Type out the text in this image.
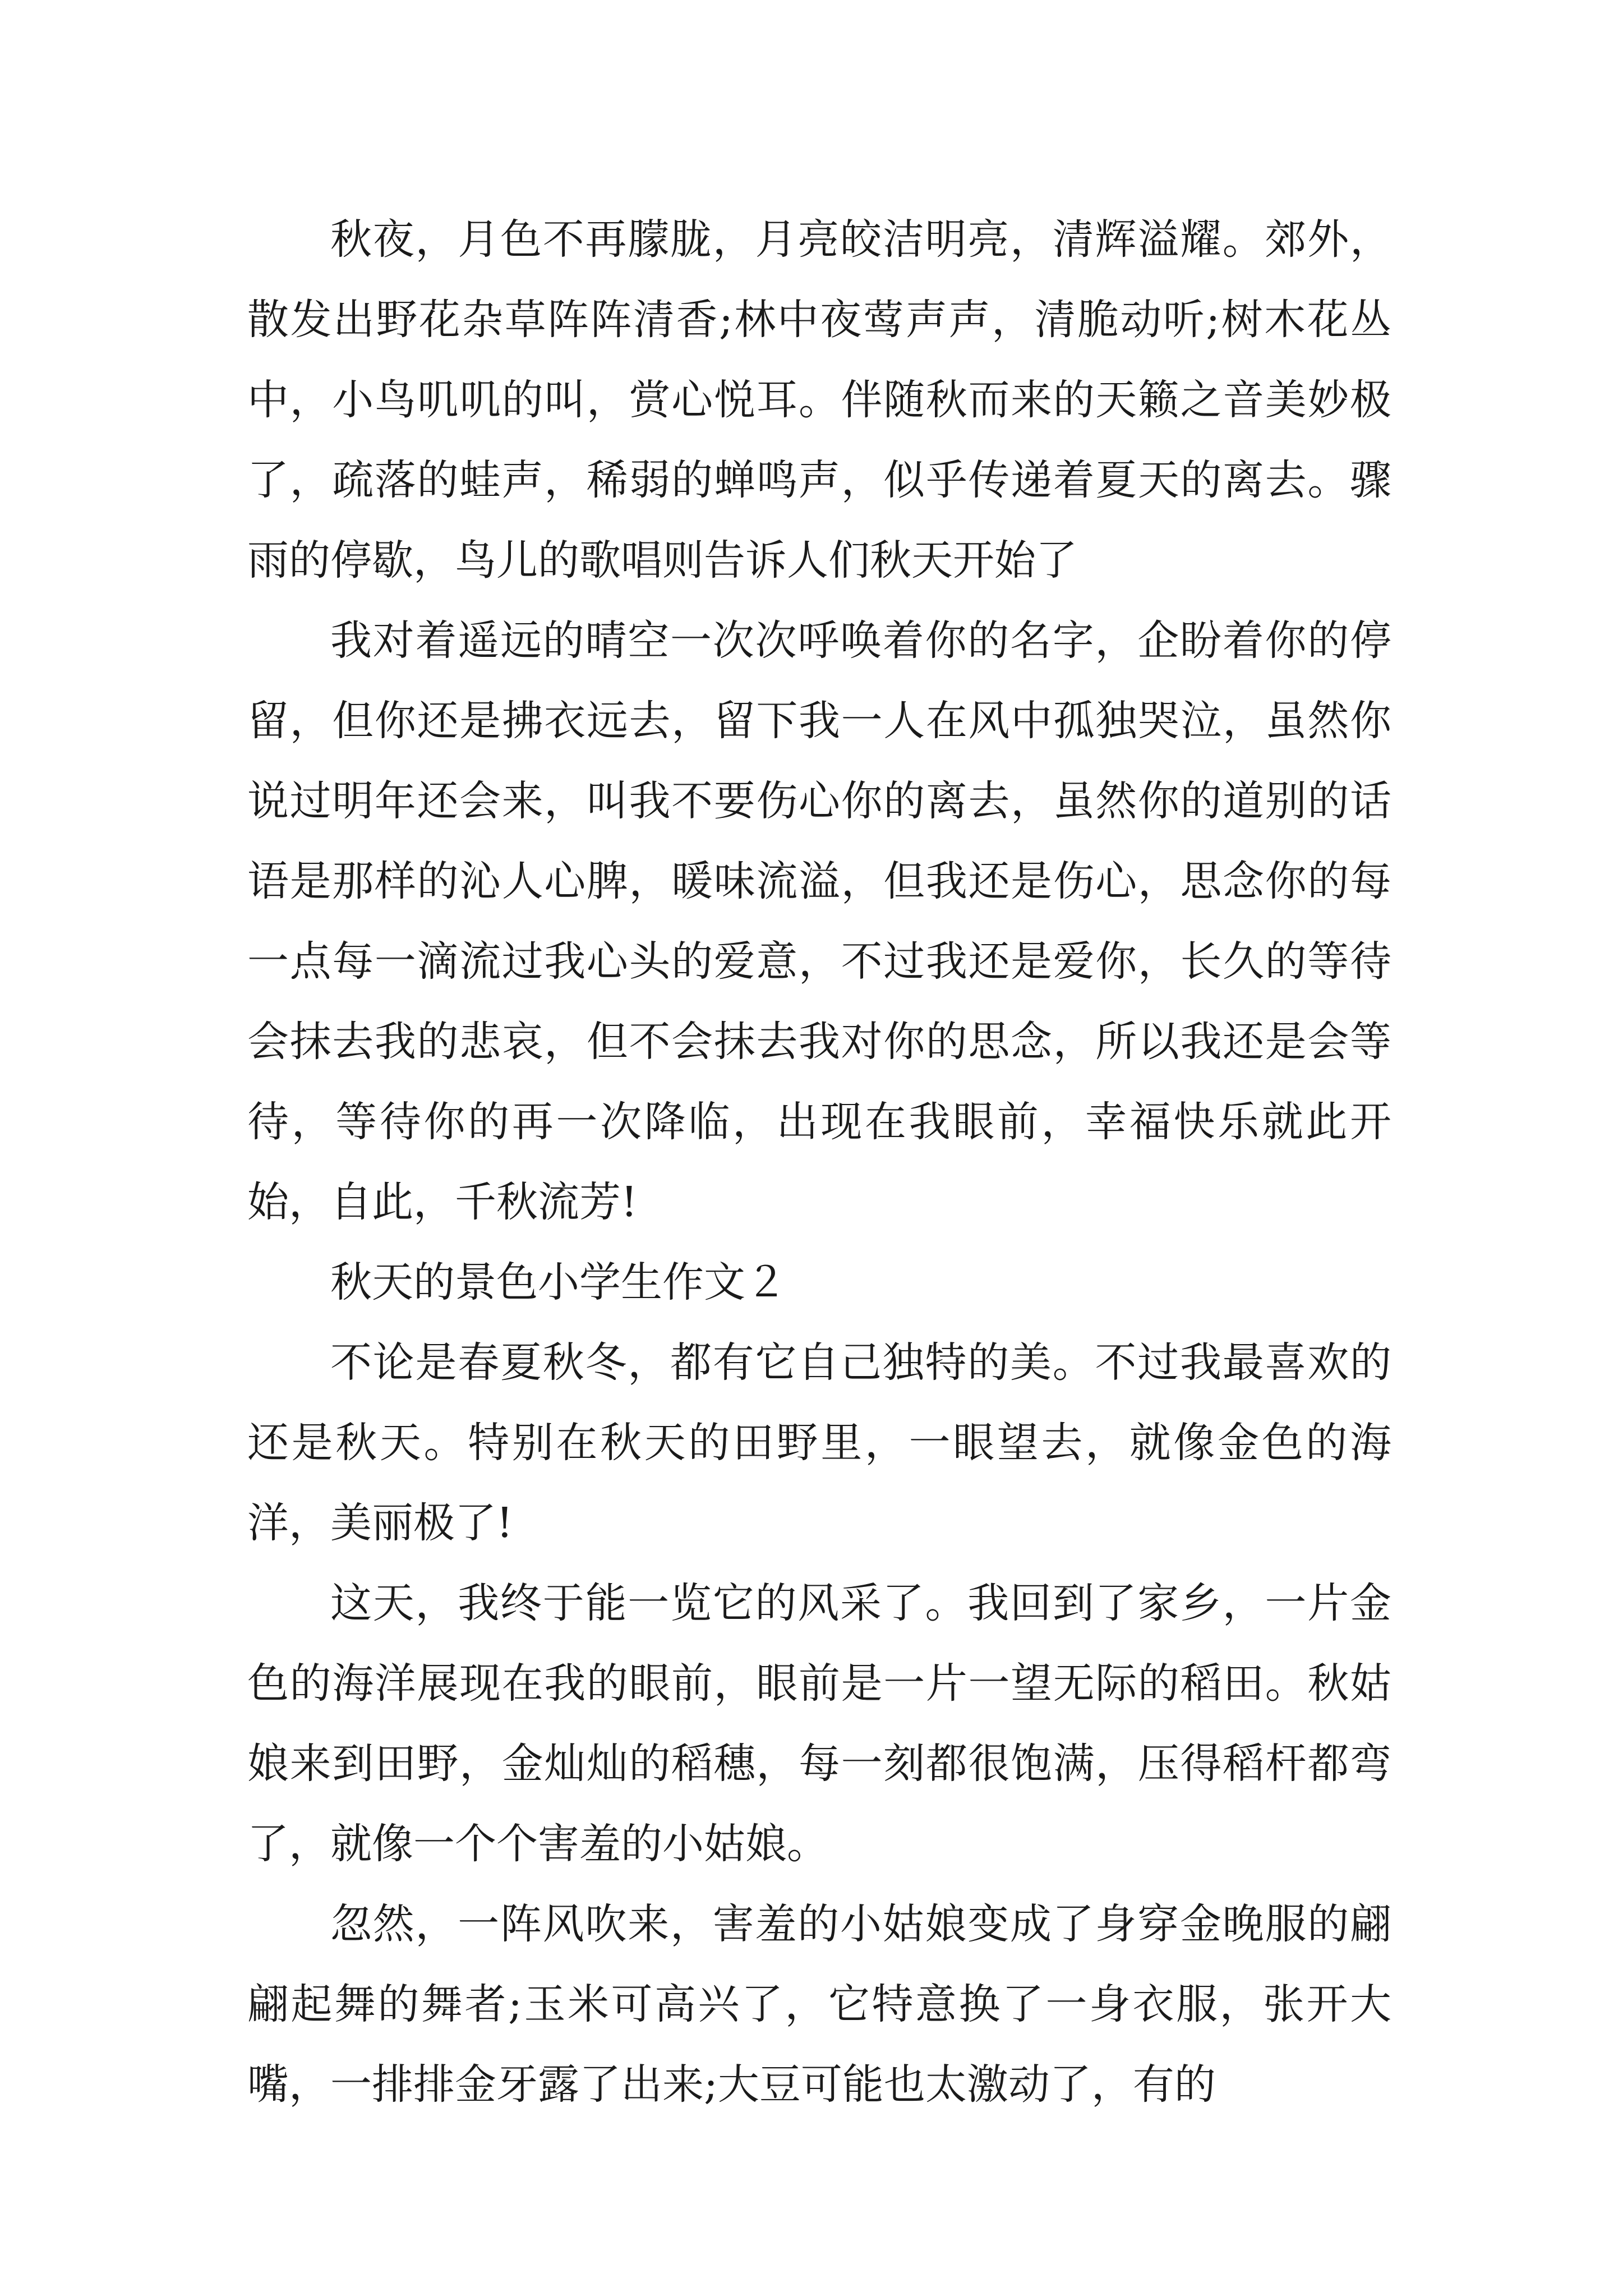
秋夜，月色不再朦胧，月亮皎洁明亮，清辉溢耀。郊外，散发出野花杂草阵阵清香;林中夜莺声声，清脆动听;树木花丛中，小鸟叽叽的叫，赏心悦耳。伴随秋而来的天籁之音美妙极了，疏落的蛙声，稀弱的蝉鸣声，似乎传递着夏天的离去。骤雨的停歇，鸟儿的歌唱则告诉人们秋天开始了

我对着遥远的晴空一次次呼唤着你的名字，企盼着你的停留，但你还是拂衣远去，留下我一人在风中孤独哭泣，虽然你说过明年还会来，叫我不要伤心你的离去，虽然你的道别的话语是那样的沁人心脾，暖味流溢，但我还是伤心，思念你的每一点每一滴流过我心头的爱意，不过我还是爱你，长久的等待会抹去我的悲哀，但不会抹去我对你的思念，所以我还是会等待，等待你的再一次降临，出现在我眼前，幸福快乐就此开始，自此，千秋流芳!

秋天的景色小学生作文２

不论是春夏秋冬，都有它自己独特的美。不过我最喜欢的还是秋天。特别在秋天的田野里，一眼望去，就像金色的海洋，美丽极了!

这天，我终于能一览它的风采了。我回到了家乡，一片金色的海洋展现在我的眼前，眼前是一片一望无际的稻田。秋姑娘来到田野，金灿灿的稻穗，每一刻都很饱满，压得稻杆都弯了，就像一个个害羞的小姑娘。

忽然，一阵风吹来，害羞的小姑娘变成了身穿金晚服的翩翩起舞的舞者;玉米可高兴了，它特意换了一身衣服，张开大嘴，一排排金牙露了出来;大豆可能也太激动了，有的
